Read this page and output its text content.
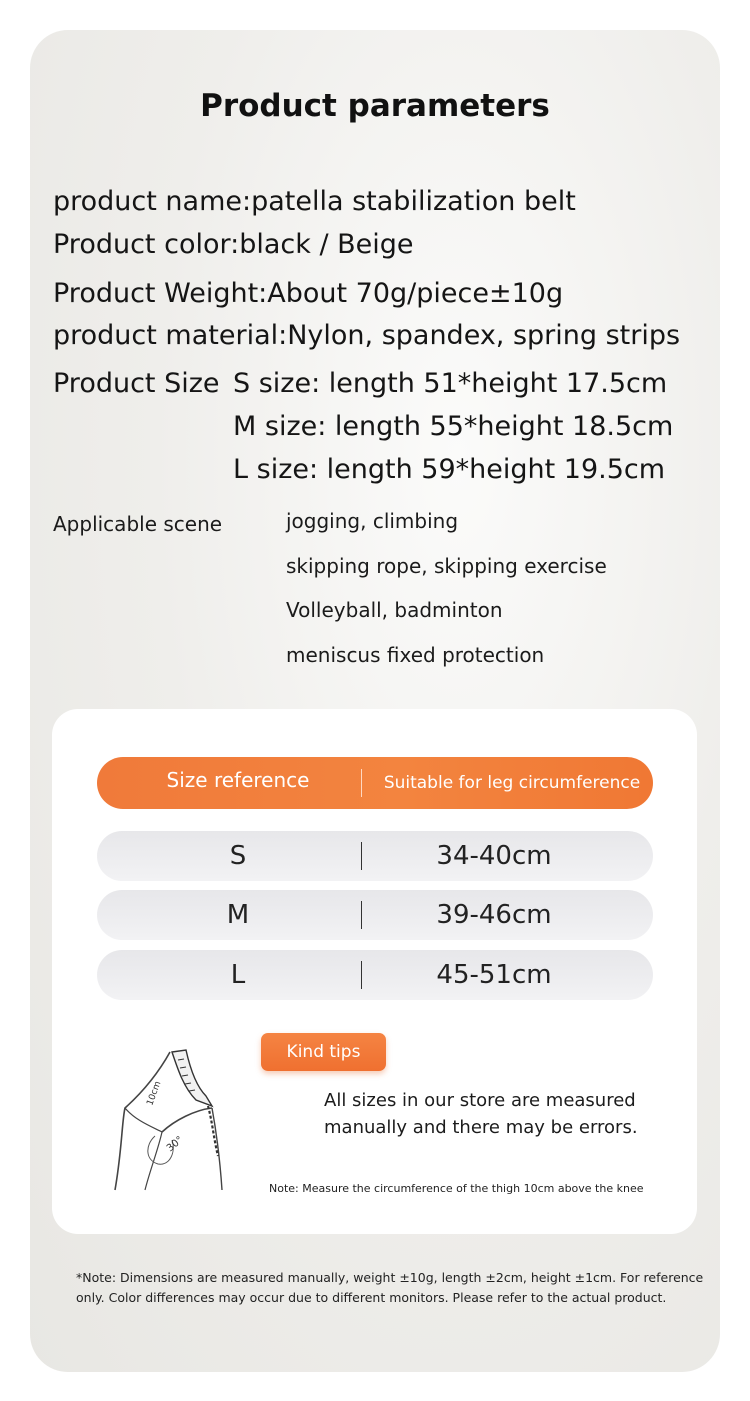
Product parameters
product name:patella stabilization belt
Product color:black / Beige
Product Weight:About 70g/piece±10g
product material:Nylon, spandex, spring strips
Product Size S size: length 51*height 17.5cm
M size: length 55*height 18.5cm
L size: length 59*height 19.5cm
Applicable scene	jogging, climbing
skipping rope, skipping exercise
Volleyball, badminton
meniscus fixed protection
Size reference	Suitable for leg circumference
S	34-40cm
M	39-46cm
L	45-51cm
10cm
30°
Kind tips
All sizes in our store are measured
manually and there may be errors.
Note: Measure the circumference of the thigh 10cm above the knee
*Note: Dimensions are measured manually, weight ±10g, length ±2cm, height ±1cm. For reference
only. Color differences may occur due to different monitors. Please refer to the actual product.
